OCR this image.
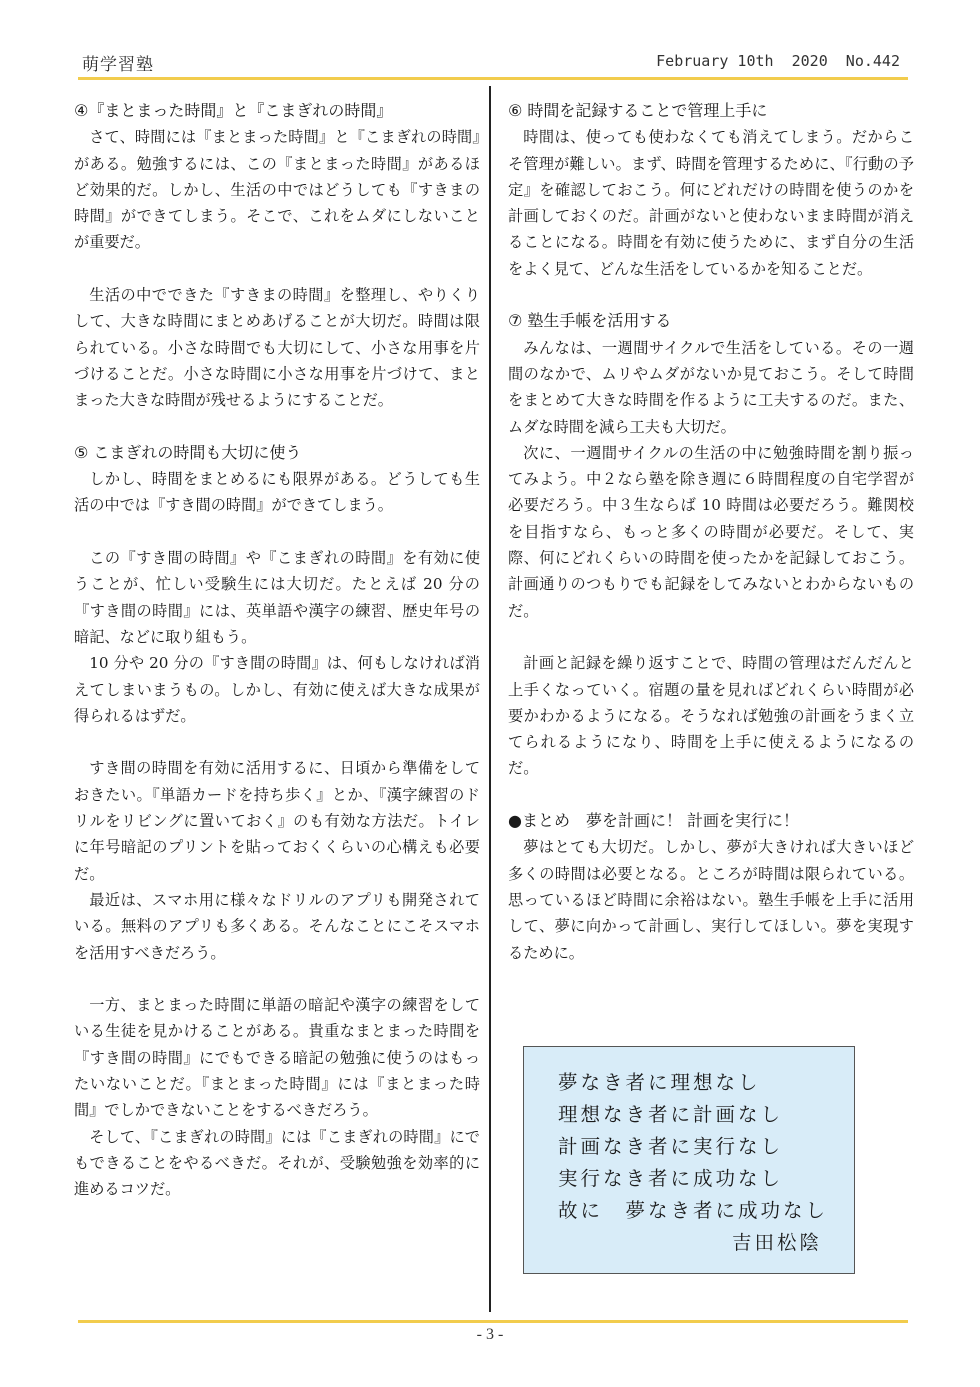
萌学習塾	February 10th  2020  No.442
④『まとまった時間』と『こまぎれの時間』

さて、時間には『まとまった時間』と『こまぎれの時間』がある。勉強するには、この『まとまった時間』があるほど効果的だ。しかし、生活の中ではどうしても『すきまの時間』ができてしまう。そこで、これをムダにしないことが重要だ。

生活の中でできた『すきまの時間』を整理し、やりくりして、大きな時間にまとめあげることが大切だ。時間は限られている。小さな時間でも大切にして、小さな用事を片づけることだ。小さな時間に小さな用事を片づけて、まとまった大きな時間が残せるようにすることだ。

⑤ こまぎれの時間も大切に使う

しかし、時間をまとめるにも限界がある。どうしても生活の中では『すき間の時間』ができてしまう。

この『すき間の時間』や『こまぎれの時間』を有効に使うことが、忙しい受験生には大切だ。たとえば 20 分の『すき間の時間』には、英単語や漢字の練習、歴史年号の暗記、などに取り組もう。

10 分や 20 分の『すき間の時間』は、何もしなければ消えてしまいまうもの。しかし、有効に使えば大きな成果が得られるはずだ。

すき間の時間を有効に活用するに、日頃から準備をしておきたい。『単語カードを持ち歩く』とか、『漢字練習のドリルをリビングに置いておく』のも有効な方法だ。トイレに年号暗記のプリントを貼っておくくらいの心構えも必要だ。

最近は、スマホ用に様々なドリルのアプリも開発されている。無料のアプリも多くある。そんなことにこそスマホを活用すべきだろう。

一方、まとまった時間に単語の暗記や漢字の練習をしている生徒を見かけることがある。貴重なまとまった時間を『すき間の時間』にでもできる暗記の勉強に使うのはもったいないことだ。『まとまった時間』には『まとまった時間』でしかできないことをするべきだろう。

そして、『こまぎれの時間』には『こまぎれの時間』にでもできることをやるべきだ。それが、受験勉強を効率的に進めるコツだ。

⑥ 時間を記録することで管理上手に

時間は、使っても使わなくても消えてしまう。だからこそ管理が難しい。まず、時間を管理するために、『行動の予定』を確認しておこう。何にどれだけの時間を使うのかを計画しておくのだ。計画がないと使わないまま時間が消えることになる。時間を有効に使うために、まず自分の生活をよく見て、どんな生活をしているかを知ることだ。

⑦ 塾生手帳を活用する

みんなは、一週間サイクルで生活をしている。その一週間のなかで、ムリやムダがないか見ておこう。そして時間をまとめて大きな時間を作るように工夫するのだ。また、ムダな時間を減ら工夫も大切だ。

次に、一週間サイクルの生活の中に勉強時間を割り振ってみよう。中２なら塾を除き週に６時間程度の自宅学習が必要だろう。中３生ならば 10 時間は必要だろう。難関校を目指すなら、もっと多くの時間が必要だ。そして、実際、何にどれくらいの時間を使ったかを記録しておこう。計画通りのつもりでも記録をしてみないとわからないものだ。

計画と記録を繰り返すことで、時間の管理はだんだんと上手くなっていく。宿題の量を見ればどれくらい時間が必要かわかるようになる。そうなれば勉強の計画をうまく立てられるようになり、時間を上手に使えるようになるのだ。

●まとめ　夢を計画に！ 計画を実行に！

夢はとても大切だ。しかし、夢が大きければ大きいほど多くの時間は必要となる。ところが時間は限られている。思っているほど時間に余裕はない。塾生手帳を上手に活用して、夢に向かって計画し、実行してほしい。夢を実現するために。

夢なき者に理想なし

理想なき者に計画なし

計画なき者に実行なし

実行なき者に成功なし

故に　夢なき者に成功なし

吉田松陰
- 3 -
